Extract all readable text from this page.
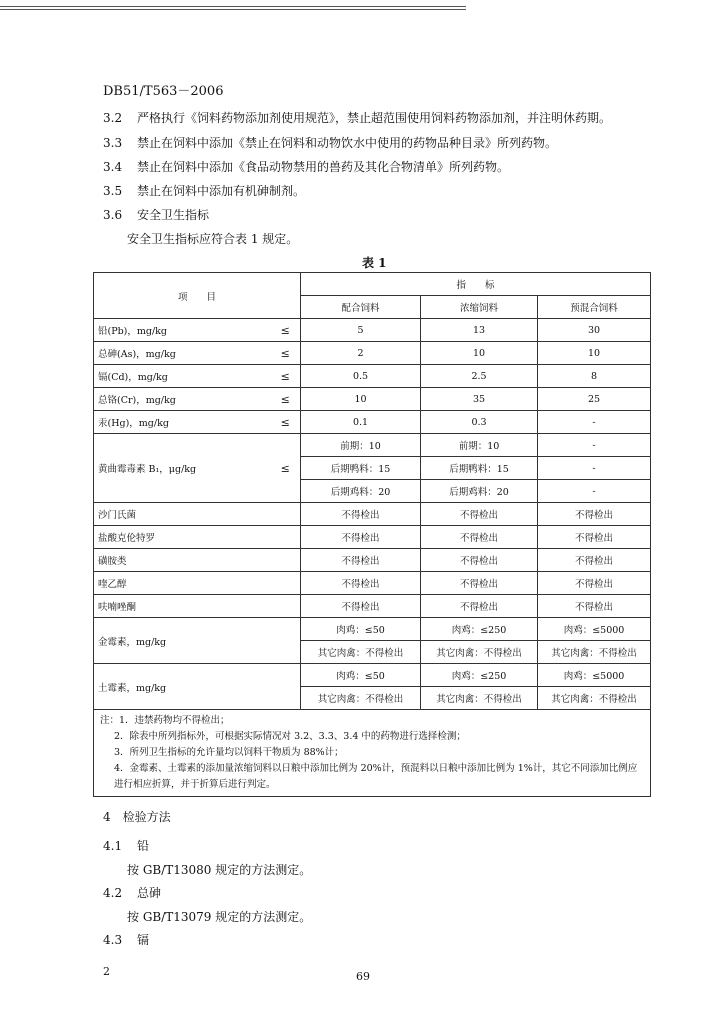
DB51/T563－2006
3.2 严格执行《饲料药物添加剂使用规范》，禁止超范围使用饲料药物添加剂，并注明休药期。
3.3 禁止在饲料中添加《禁止在饲料和动物饮水中使用的药物品种目录》所列药物。
3.4 禁止在饲料中添加《食品动物禁用的兽药及其化合物清单》所列药物。
3.5 禁止在饲料中添加有机砷制剂。
3.6 安全卫生指标
安全卫生指标应符合表 1 规定。
表 1
项　　目		指　　标		
		配合饲料	浓缩饲料	预混合饲料
铅(Pb)，mg/kg	≤	5	13	30
总砷(As)，mg/kg	≤	2	10	10
镉(Cd)，mg/kg	≤	0.5	2.5	8
总铬(Cr)，mg/kg	≤	10	35	25
汞(Hg)，mg/kg	≤	0.1	0.3	-
黄曲霉毒素 B₁，μg/kg	≤	前期：10	前期：10	-
		后期鸭料：15	后期鸭料：15	-
		后期鸡料：20	后期鸡料：20	-
沙门氏菌		不得检出	不得检出	不得检出
盐酸克伦特罗		不得检出	不得检出	不得检出
磺胺类		不得检出	不得检出	不得检出
喹乙醇		不得检出	不得检出	不得检出
呋喃唑酮		不得检出	不得检出	不得检出
金霉素，mg/kg		肉鸡：≤50	肉鸡：≤250	肉鸡：≤5000
		其它肉禽：不得检出	其它肉禽：不得检出	其它肉禽：不得检出
土霉素，mg/kg		肉鸡：≤50	肉鸡：≤250	肉鸡：≤5000
		其它肉禽：不得检出	其它肉禽：不得检出	其它肉禽：不得检出

注：1．违禁药物均不得检出；
2．除表中所列指标外，可根据实际情况对 3.2、3.3、3.4 中的药物进行选择检测；
3．所列卫生指标的允许量均以饲料干物质为 88%计；
4．金霉素、土霉素的添加量浓缩饲料以日粮中添加比例为 20%计，预混料以日粮中添加比例为 1%计，其它不同添加比例应进行相应折算，并于折算后进行判定。				
4　检验方法
4.1 铅
按 GB/T13080 规定的方法测定。
4.2 总砷
按 GB/T13079 规定的方法测定。
4.3 镉
2	69
